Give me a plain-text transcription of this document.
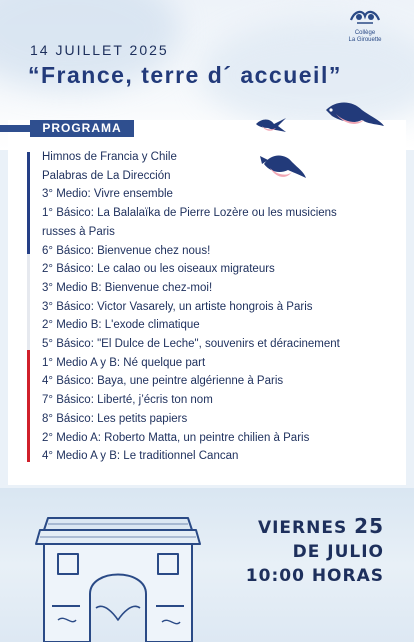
Collège
La Girouette
14 JUILLET 2025
“France, terre d´ accueil”
PROGRAMA
Himnos de Francia y Chile
Palabras de La Dirección
3° Medio: Vivre ensemble
1° Básico: La Balalaïka de Pierre Lozère ou les musiciens
russes à Paris
6° Básico: Bienvenue chez nous!
2° Básico: Le calao ou les oiseaux migrateurs
3° Medio B: Bienvenue chez-moi!
3° Básico: Victor Vasarely, un artiste hongrois à Paris
2° Medio B: L'exode climatique
5° Básico: "El Dulce de Leche", souvenirs et déracinement
1° Medio A y B: Né quelque part
4° Básico: Baya, une peintre algérienne à Paris
7° Básico: Liberté, j’écris ton nom
8° Básico: Les petits papiers
2° Medio A: Roberto Matta, un peintre chilien à Paris
4° Medio A y B: Le traditionnel Cancan
VIERNES 25
DE JULIO
10:00 HORAS
